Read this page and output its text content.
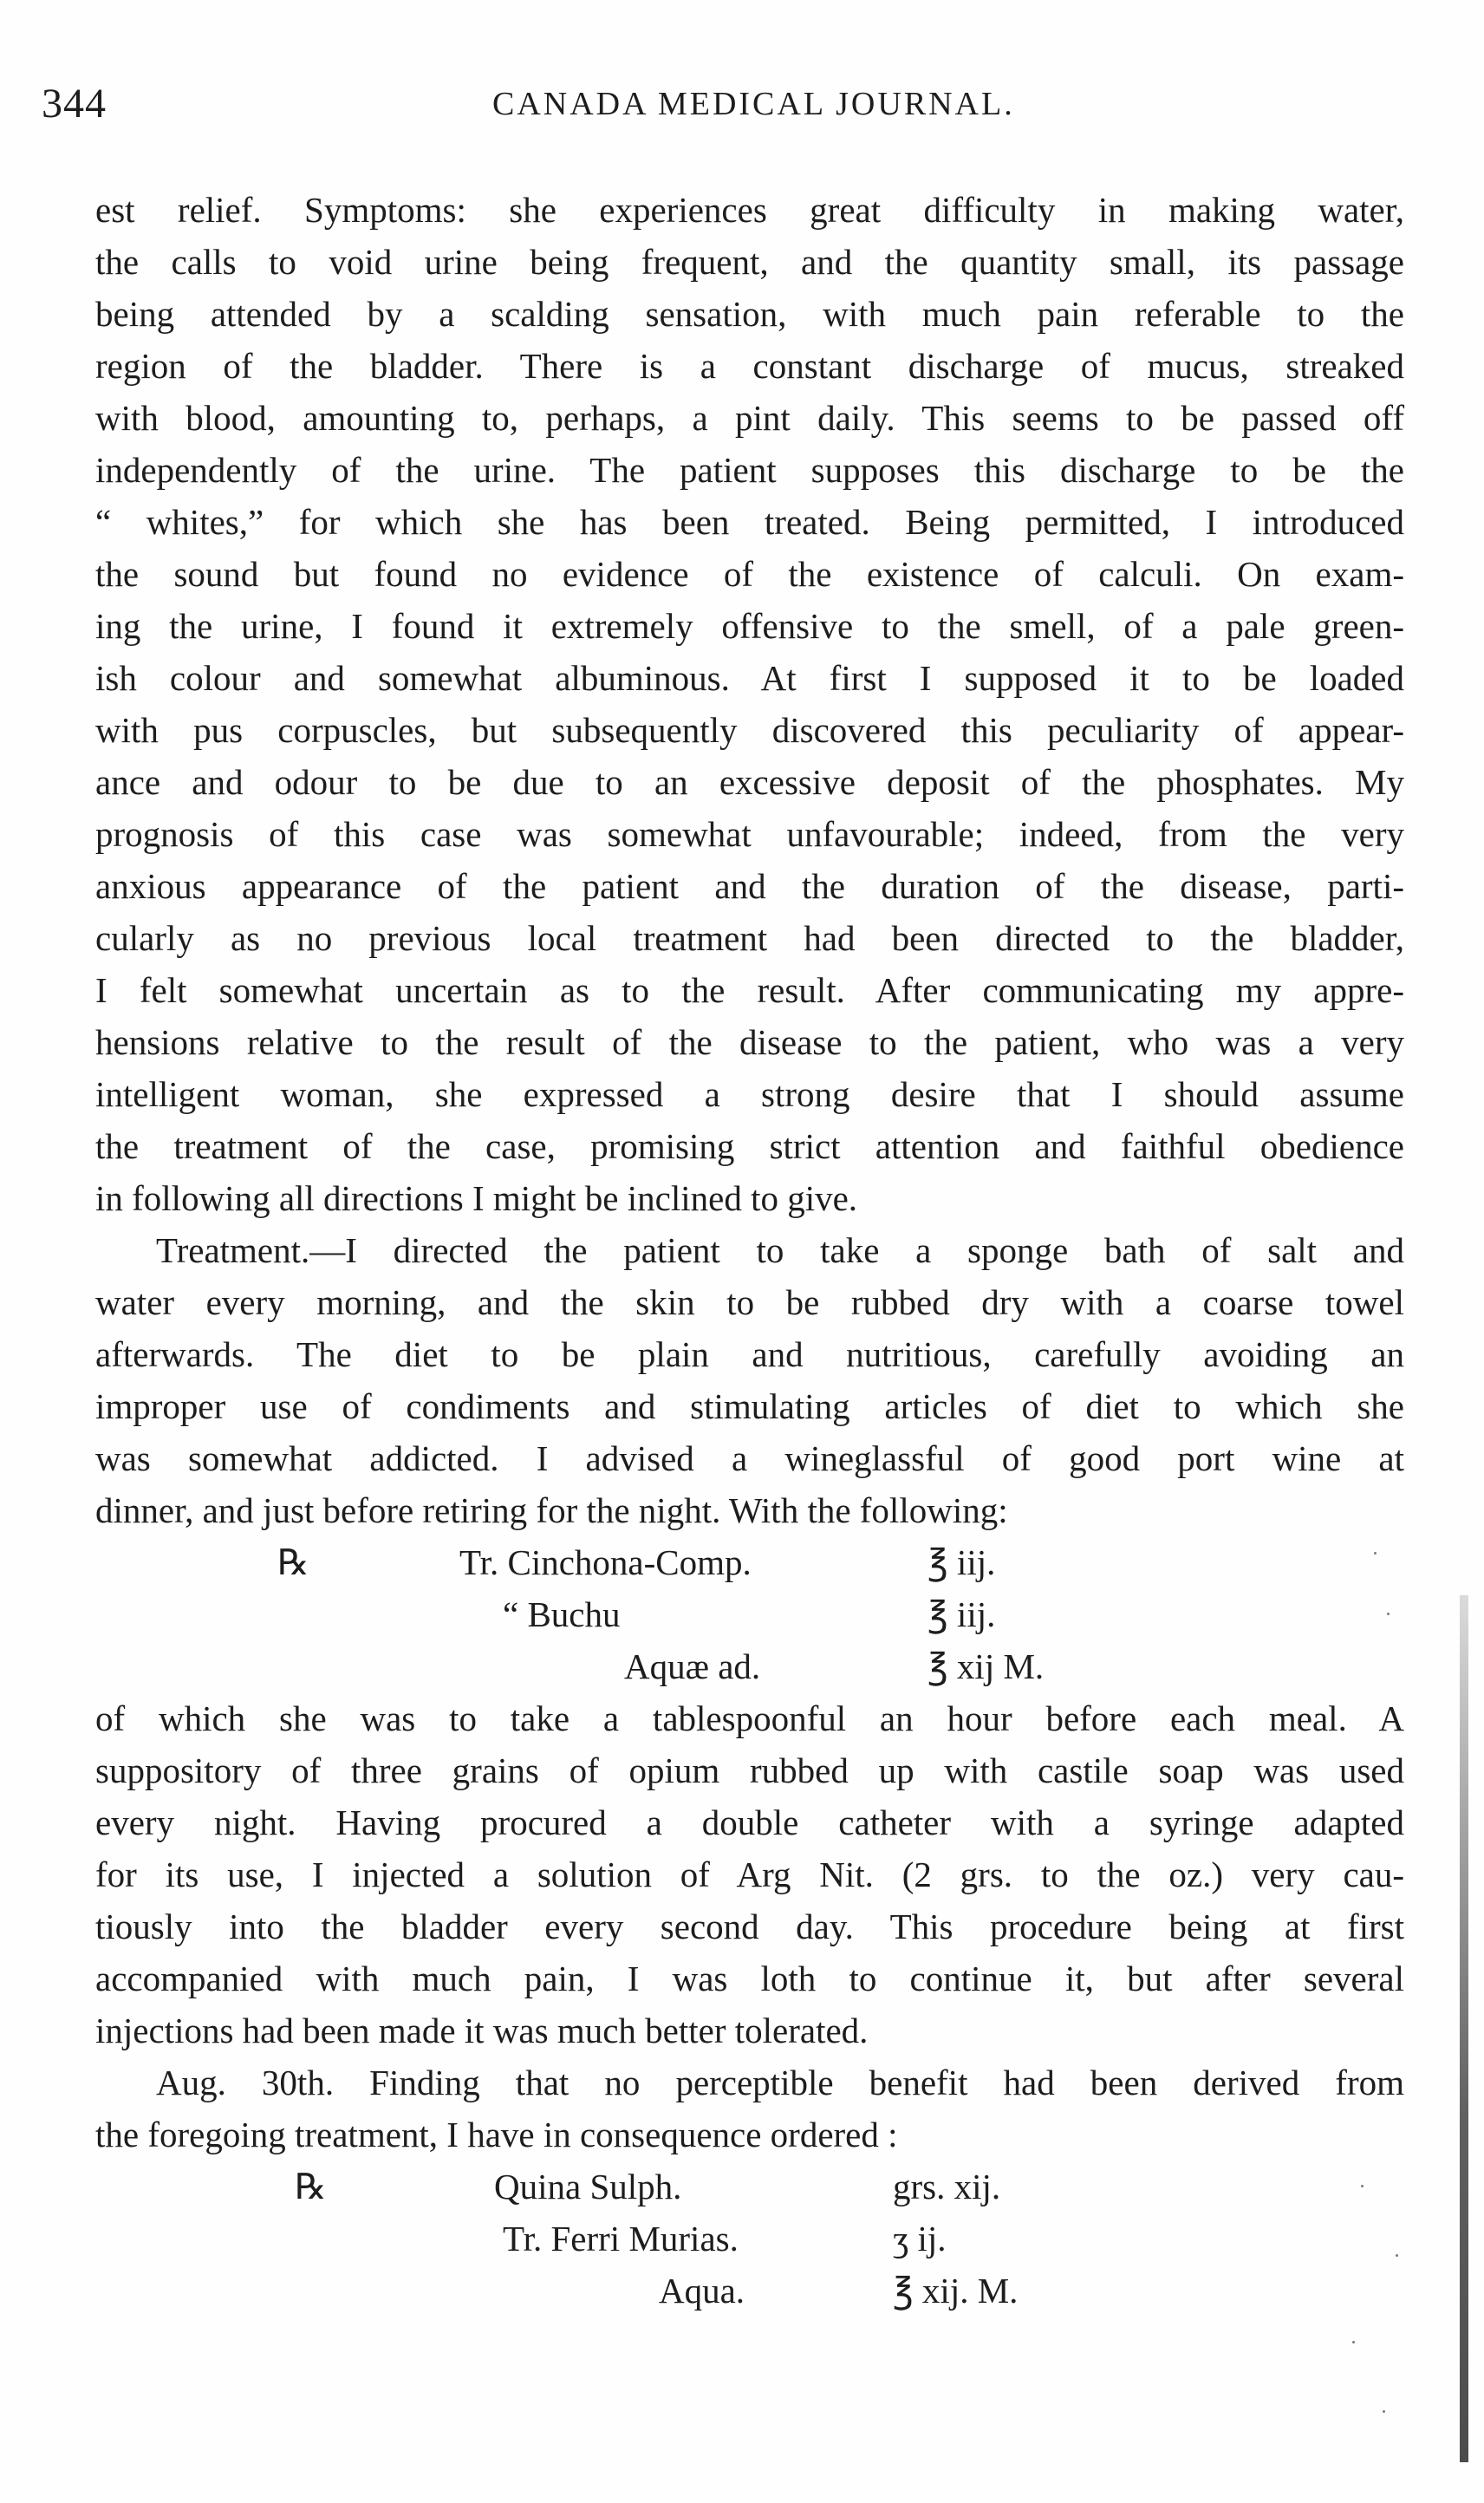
344	CANADA MEDICAL JOURNAL.
est relief. Symptoms: she experiences great difficulty in making water,
the calls to void urine being frequent, and the quantity small, its passage
being attended by a scalding sensation, with much pain referable to the
region of the bladder. There is a constant discharge of mucus, streaked
with blood, amounting to, perhaps, a pint daily. This seems to be passed off
independently of the urine. The patient supposes this discharge to be the
“ whites,” for which she has been treated. Being permitted, I introduced
the sound but found no evidence of the existence of calculi. On exam-
ing the urine, I found it extremely offensive to the smell, of a pale green-
ish colour and somewhat albuminous. At first I supposed it to be loaded
with pus corpuscles, but subsequently discovered this peculiarity of appear-
ance and odour to be due to an excessive deposit of the phosphates. My
prognosis of this case was somewhat unfavourable; indeed, from the very
anxious appearance of the patient and the duration of the disease, parti-
cularly as no previous local treatment had been directed to the bladder,
I felt somewhat uncertain as to the result. After communicating my appre-
hensions relative to the result of the disease to the patient, who was a very
intelligent woman, she expressed a strong desire that I should assume
the treatment of the case, promising strict attention and faithful obedience
in following all directions I might be inclined to give.
Treatment.—I directed the patient to take a sponge bath of salt and
water every morning, and the skin to be rubbed dry with a coarse towel
afterwards. The diet to be plain and nutritious, carefully avoiding an
improper use of condiments and stimulating articles of diet to which she
was somewhat addicted. I advised a wineglassful of good port wine at
dinner, and just before retiring for the night. With the following:
℞	Tr. Cinchona-Comp.	℥ iij.
“ Buchu	℥ iij.
Aquæ ad.	℥ xij M.
of which she was to take a tablespoonful an hour before each meal. A
suppository of three grains of opium rubbed up with castile soap was used
every night. Having procured a double catheter with a syringe adapted
for its use, I injected a solution of Arg Nit. (2 grs. to the oz.) very cau-
tiously into the bladder every second day. This procedure being at first
accompanied with much pain, I was loth to continue it, but after several
injections had been made it was much better tolerated.
Aug. 30th. Finding that no perceptible benefit had been derived from
the foregoing treatment, I have in consequence ordered :
℞	Quina Sulph.	grs. xij.
Tr. Ferri Murias.	ʒ ij.
Aqua.	℥ xij. M.
